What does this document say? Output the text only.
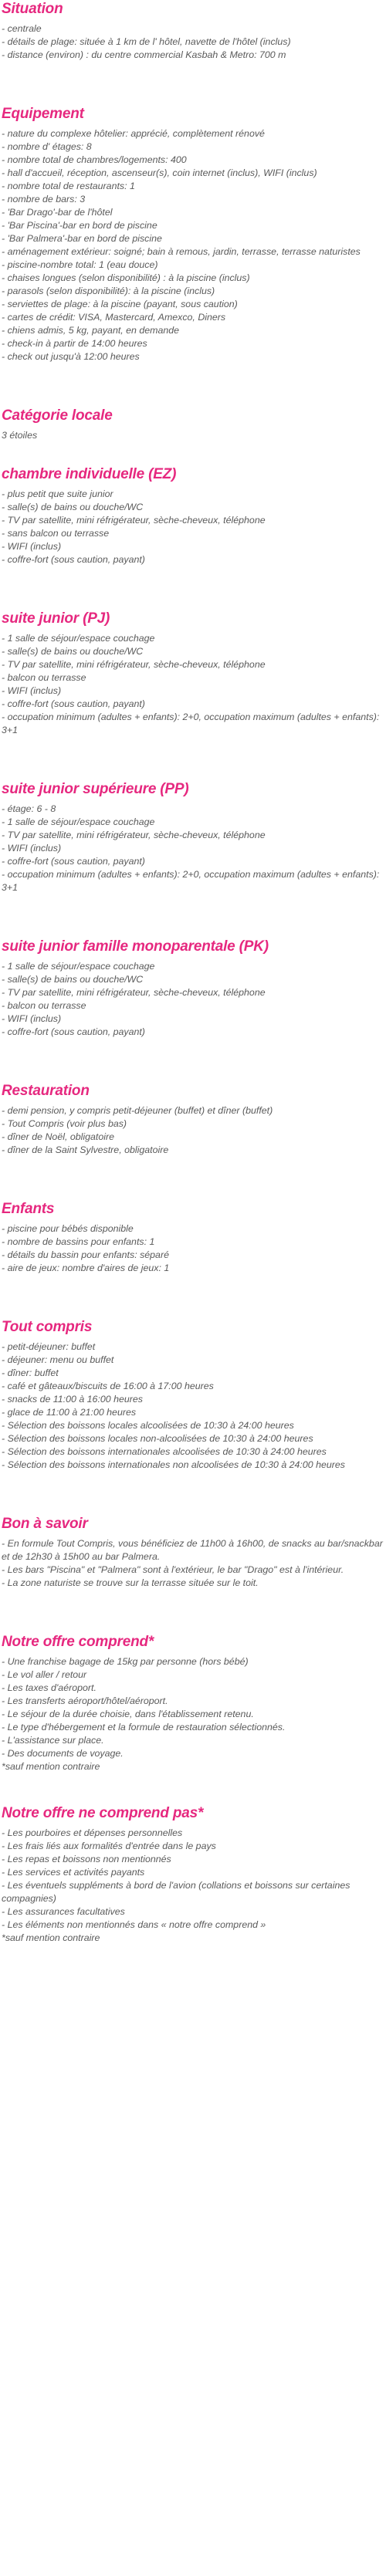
Situation
- centrale
- détails de plage: située à 1 km de l' hôtel, navette de l'hôtel (inclus)
- distance (environ) : du centre commercial Kasbah & Metro: 700 m
Equipement
- nature du complexe hôtelier: apprécié, complètement rénové
- nombre d' étages: 8
- nombre total de chambres/logements: 400
- hall d'accueil, réception, ascenseur(s), coin internet (inclus), WIFI (inclus)
- nombre total de restaurants: 1
- nombre de bars: 3
- 'Bar Drago'-bar de l'hôtel
- 'Bar Piscina'-bar en bord de piscine
- 'Bar Palmera'-bar en bord de piscine
- aménagement extérieur: soigné; bain à remous, jardin, terrasse, terrasse naturistes
- piscine-nombre total: 1 (eau douce)
- chaises longues (selon disponibilité) : à la piscine (inclus)
- parasols (selon disponibilité): à la piscine (inclus)
- serviettes de plage: à la piscine (payant, sous caution)
- cartes de crédit: VISA, Mastercard, Amexco, Diners
- chiens admis, 5 kg, payant, en demande
- check-in à partir de 14:00 heures
- check out jusqu'à 12:00 heures
Catégorie locale
3 étoiles
chambre individuelle (EZ)
- plus petit que suite junior
- salle(s) de bains ou douche/WC
- TV par satellite, mini réfrigérateur, sèche-cheveux, téléphone
- sans balcon ou terrasse
- WIFI (inclus)
- coffre-fort (sous caution, payant)
suite junior (PJ)
- 1 salle de séjour/espace couchage
- salle(s) de bains ou douche/WC
- TV par satellite, mini réfrigérateur, sèche-cheveux, téléphone
- balcon ou terrasse
- WIFI (inclus)
- coffre-fort (sous caution, payant)
- occupation minimum (adultes + enfants): 2+0, occupation maximum (adultes + enfants): 3+1
suite junior supérieure (PP)
- étage: 6 - 8
- 1 salle de séjour/espace couchage
- TV par satellite, mini réfrigérateur, sèche-cheveux, téléphone
- WIFI (inclus)
- coffre-fort (sous caution, payant)
- occupation minimum (adultes + enfants): 2+0, occupation maximum (adultes + enfants): 3+1
suite junior famille monoparentale (PK)
- 1 salle de séjour/espace couchage
- salle(s) de bains ou douche/WC
- TV par satellite, mini réfrigérateur, sèche-cheveux, téléphone
- balcon ou terrasse
- WIFI (inclus)
- coffre-fort (sous caution, payant)
Restauration
- demi pension, y compris petit-déjeuner (buffet) et dîner (buffet)
- Tout Compris (voir plus bas)
- dîner de Noël, obligatoire
- dîner de la Saint Sylvestre, obligatoire
Enfants
- piscine pour bébés disponible
- nombre de bassins pour enfants: 1
- détails du bassin pour enfants: séparé
- aire de jeux: nombre d'aires de jeux: 1
Tout compris
- petit-déjeuner: buffet
- déjeuner: menu ou buffet
- dîner: buffet
- café et gâteaux/biscuits de 16:00 à 17:00 heures
- snacks de 11:00 à 16:00 heures
- glace de 11:00 à 21:00 heures
- Sélection des boissons locales alcoolisées de 10:30 à 24:00 heures
- Sélection des boissons locales non-alcoolisées de 10:30 à 24:00 heures
- Sélection des boissons internationales alcoolisées de 10:30 à 24:00 heures
- Sélection des boissons internationales non alcoolisées de 10:30 à 24:00 heures
Bon à savoir
- En formule Tout Compris, vous bénéficiez de 11h00 à 16h00, de snacks au bar/snackbar et de 12h30 à 15h00 au bar Palmera.
- Les bars "Piscina" et "Palmera" sont à l'extérieur, le bar "Drago" est à l'intérieur.
- La zone naturiste se trouve sur la terrasse située sur le toit.
Notre offre comprend*
- Une franchise bagage de 15kg par personne (hors bébé)
- Le vol aller / retour
- Les taxes d'aéroport.
- Les transferts aéroport/hôtel/aéroport.
- Le séjour de la durée choisie, dans l'établissement retenu.
- Le type d'hébergement et la formule de restauration sélectionnés.
- L'assistance sur place.
- Des documents de voyage.
*sauf mention contraire
Notre offre ne comprend pas*
- Les pourboires et dépenses personnelles
- Les frais liés aux formalités d'entrée dans le pays
- Les repas et boissons non mentionnés
- Les services et activités payants
- Les éventuels suppléments à bord de l'avion (collations et boissons sur certaines compagnies)
- Les assurances facultatives
- Les éléments non mentionnés dans « notre offre comprend »
*sauf mention contraire
